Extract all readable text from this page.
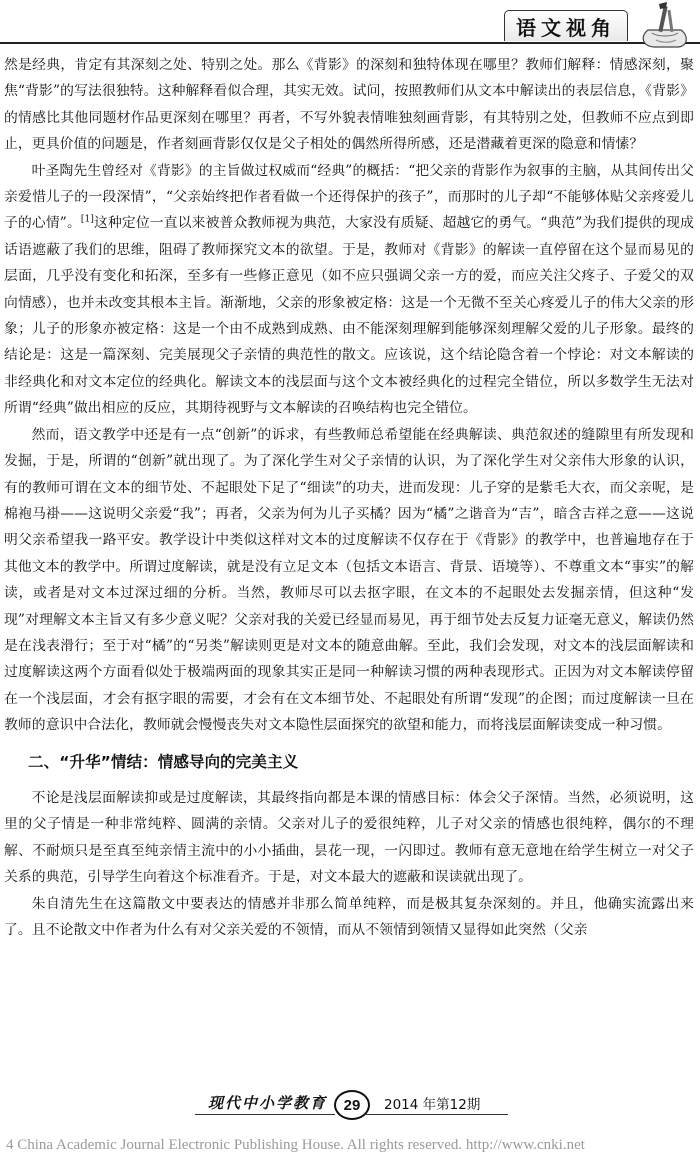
语文视角

然是经典，肯定有其深刻之处、特别之处。那么《背影》的深刻和独特体现在哪里？教师们解释：情感深刻，聚焦“背影”的写法很独特。这种解释看似合理，其实无效。试问，按照教师们从文本中解读出的表层信息，《背影》的情感比其他同题材作品更深刻在哪里？再者，不写外貌表情唯独刻画背影，有其特别之处，但教师不应点到即止，更具价值的问题是，作者刻画背影仅仅是父子相处的偶然所得所感，还是潜藏着更深的隐意和情愫？

叶圣陶先生曾经对《背影》的主旨做过权威而“经典”的概括：“把父亲的背影作为叙事的主脑，从其间传出父亲爱惜儿子的一段深情”，“父亲始终把作者看做一个还得保护的孩子”，而那时的儿子却“不能够体贴父亲疼爱儿子的心情”。[1]这种定位一直以来被普众教师视为典范，大家没有质疑、超越它的勇气。“典范”为我们提供的现成话语遮蔽了我们的思维，阻碍了教师探究文本的欲望。于是，教师对《背影》的解读一直停留在这个显而易见的层面，几乎没有变化和拓深，至多有一些修正意见（如不应只强调父亲一方的爱，而应关注父疼子、子爱父的双向情感），也并未改变其根本主旨。渐渐地，父亲的形象被定格：这是一个无微不至关心疼爱儿子的伟大父亲的形象；儿子的形象亦被定格：这是一个由不成熟到成熟、由不能深刻理解到能够深刻理解父爱的儿子形象。最终的结论是：这是一篇深刻、完美展现父子亲情的典范性的散文。应该说，这个结论隐含着一个悖论：对文本解读的非经典化和对文本定位的经典化。解读文本的浅层面与这个文本被经典化的过程完全错位，所以多数学生无法对所谓“经典”做出相应的反应，其期待视野与文本解读的召唤结构也完全错位。

然而，语文教学中还是有一点“创新”的诉求，有些教师总希望能在经典解读、典范叙述的缝隙里有所发现和发掘，于是，所谓的“创新”就出现了。为了深化学生对父子亲情的认识，为了深化学生对父亲伟大形象的认识，有的教师可谓在文本的细节处、不起眼处下足了“细读”的功夫，进而发现：儿子穿的是紫毛大衣，而父亲呢，是棉袍马褂——这说明父亲爱“我”；再者，父亲为何为儿子买橘？因为“橘”之谐音为“吉”，暗含吉祥之意——这说明父亲希望我一路平安。教学设计中类似这样对文本的过度解读不仅存在于《背影》的教学中，也普遍地存在于其他文本的教学中。所谓过度解读，就是没有立足文本（包括文本语言、背景、语境等）、不尊重文本“事实”的解读，或者是对文本过深过细的分析。当然，教师尽可以去抠字眼，在文本的不起眼处去发掘亲情，但这种“发现”对理解文本主旨又有多少意义呢？父亲对我的关爱已经显而易见，再于细节处去反复力证毫无意义，解读仍然是在浅表滑行；至于对“橘”的“另类”解读则更是对文本的随意曲解。至此，我们会发现，对文本的浅层面解读和过度解读这两个方面看似处于极端两面的现象其实正是同一种解读习惯的两种表现形式。正因为对文本解读停留在一个浅层面，才会有抠字眼的需要，才会有在文本细节处、不起眼处有所谓“发现”的企图；而过度解读一旦在教师的意识中合法化，教师就会慢慢丧失对文本隐性层面探究的欲望和能力，而将浅层面解读变成一种习惯。

二、“升华”情结：情感导向的完美主义

不论是浅层面解读抑或是过度解读，其最终指向都是本课的情感目标：体会父子深情。当然，必须说明，这里的父子情是一种非常纯粹、圆满的亲情。父亲对儿子的爱很纯粹，儿子对父亲的情感也很纯粹，偶尔的不理解、不耐烦只是至真至纯亲情主流中的小小插曲，昙花一现，一闪即过。教师有意无意地在给学生树立一对父子关系的典范，引导学生向着这个标准看齐。于是，对文本最大的遮蔽和误读就出现了。

朱自清先生在这篇散文中要表达的情感并非那么简单纯粹，而是极其复杂深刻的。并且，他确实流露出来了。且不论散文中作者为什么有对父亲关爱的不领情，而从不领情到领情又显得如此突然（父亲

现代中小学教育	29	2014 年第12期
4 China Academic Journal Electronic Publishing House. All rights reserved. http://www.cnki.net
